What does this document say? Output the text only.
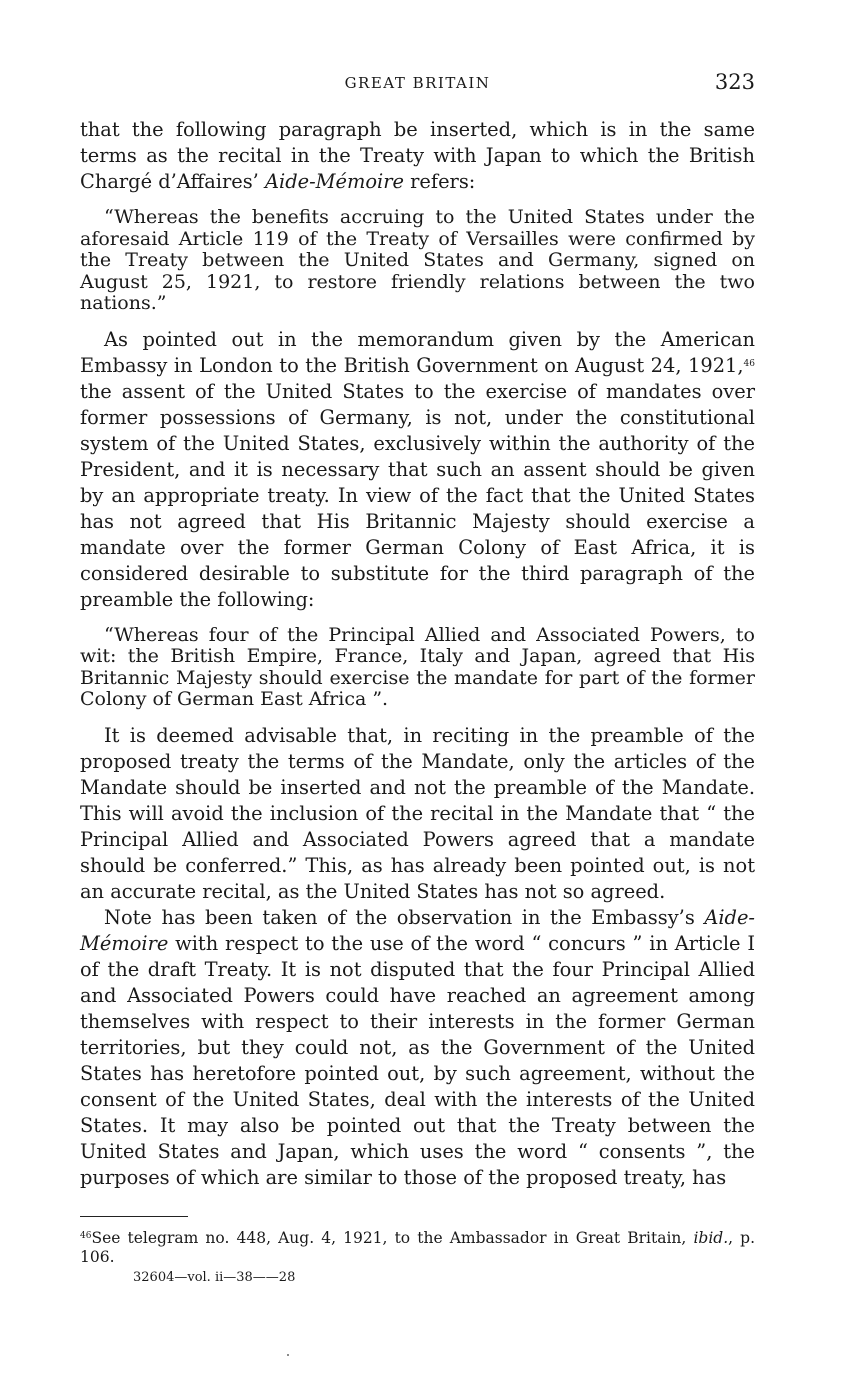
GREAT BRITAIN	323

that the following paragraph be inserted, which is in the same terms as the recital in the Treaty with Japan to which the British Chargé d’Affaires’ Aide-Mémoire refers:

“Whereas the benefits accruing to the United States under the aforesaid Article 119 of the Treaty of Versailles were confirmed by the Treaty between the United States and Germany, signed on August 25, 1921, to restore friendly relations between the two nations.”

As pointed out in the memorandum given by the American Embassy in London to the British Government on August 24, 1921,46 the assent of the United States to the exercise of mandates over former possessions of Germany, is not, under the constitutional system of the United States, exclusively within the authority of the President, and it is necessary that such an assent should be given by an appropriate treaty. In view of the fact that the United States has not agreed that His Britannic Majesty should exercise a mandate over the former German Colony of East Africa, it is considered desirable to substitute for the third paragraph of the preamble the following:

“Whereas four of the Principal Allied and Associated Powers, to wit: the British Empire, France, Italy and Japan, agreed that His Britannic Majesty should exercise the mandate for part of the former Colony of German East Africa ”.

It is deemed advisable that, in reciting in the preamble of the proposed treaty the terms of the Mandate, only the articles of the Mandate should be inserted and not the preamble of the Mandate. This will avoid the inclusion of the recital in the Mandate that “ the Principal Allied and Associated Powers agreed that a mandate should be conferred.” This, as has already been pointed out, is not an accurate recital, as the United States has not so agreed.

Note has been taken of the observation in the Embassy’s Aide-Mémoire with respect to the use of the word “ concurs ” in Article I of the draft Treaty. It is not disputed that the four Principal Allied and Associated Powers could have reached an agreement among themselves with respect to their interests in the former German territories, but they could not, as the Government of the United States has heretofore pointed out, by such agreement, without the consent of the United States, deal with the interests of the United States. It may also be pointed out that the Treaty between the United States and Japan, which uses the word “ consents ”, the purposes of which are similar to those of the proposed treaty, has

$^{46}$See telegram no. 448, Aug. 4, 1921, to the Ambassador in Great Britain, ibid., p. 106.
32604—vol. ii—38——28
